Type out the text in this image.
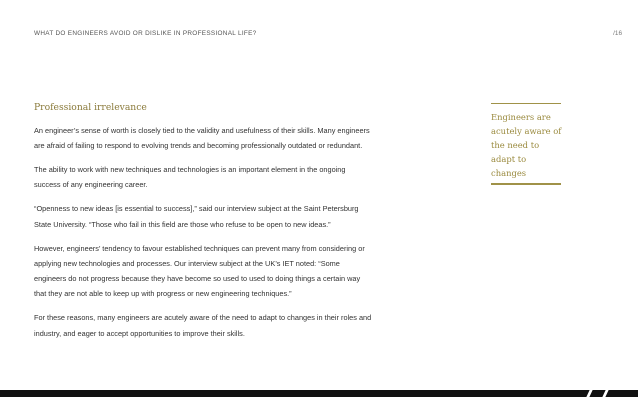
WHAT DO ENGINEERS AVOID OR DISLIKE IN PROFESSIONAL LIFE?	/16
Professional irrelevance

An engineer’s sense of worth is closely tied to the validity and usefulness of their skills. Many engineers are afraid of failing to respond to evolving trends and becoming professionally outdated or redundant.

The ability to work with new techniques and technologies is an important element in the ongoing success of any engineering career.

“Openness to new ideas [is essential to success],” said our interview subject at the Saint Petersburg State University. “Those who fail in this field are those who refuse to be open to new ideas.”

However, engineers’ tendency to favour established techniques can prevent many from considering or applying new technologies and processes. Our interview subject at the UK’s IET noted: “Some engineers do not progress because they have become so used to used to doing things a certain way that they are not able to keep up with progress or new engineering techniques.”

For these reasons, many engineers are acutely aware of the need to adapt to changes in their roles and industry, and eager to accept opportunities to improve their skills.

Engineers are acutely aware of the need to adapt to changes
